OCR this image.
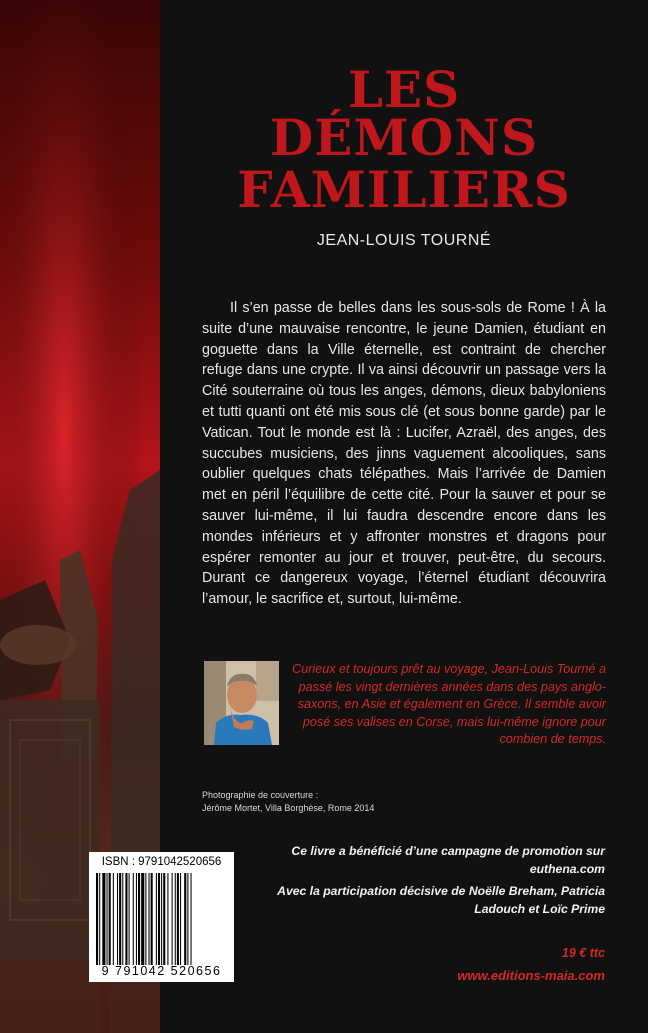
LES
DÉMONS
FAMILIERS
JEAN-LOUIS TOURNÉ

Il s’en passe de belles dans les sous-sols de Rome ! À la suite d’une mauvaise rencontre, le jeune Damien, étudiant en goguette dans la Ville éternelle, est contraint de chercher refuge dans une crypte. Il va ainsi découvrir un passage vers la Cité souterraine où tous les anges, démons, dieux babyloniens et tutti quanti ont été mis sous clé (et sous bonne garde) par le Vatican. Tout le monde est là : Lucifer, Azraël, des anges, des succubes musiciens, des jinns vaguement alcooliques, sans oublier quelques chats télépathes. Mais l’arrivée de Damien met en péril l’équilibre de cette cité. Pour la sauver et pour se sauver lui-même, il lui faudra descendre encore dans les mondes inférieurs et y affronter monstres et dragons pour espérer remonter au jour et trouver, peut-être, du secours. Durant ce dangereux voyage, l’éternel étudiant découvrira l’amour, le sacrifice et, surtout, lui-même.

Curieux et toujours prêt au voyage, Jean-Louis Tourné a passé les vingt dernières années dans des pays anglo-saxons, en Asie et également en Grèce. Il semble avoir posé ses valises en Corse, mais lui-même ignore pour combien de temps.

Photographie de couverture :
Jérôme Mortet, Villa Borghèse, Rome 2014
ISBN : 9791042520656
9 791042 520656
Ce livre a bénéficié d’une campagne de promotion sur euthena.com
Avec la participation décisive de Noëlle Breham, Patricia Ladouch et Loïc Prime
19 € ttc
www.editions-maia.com
